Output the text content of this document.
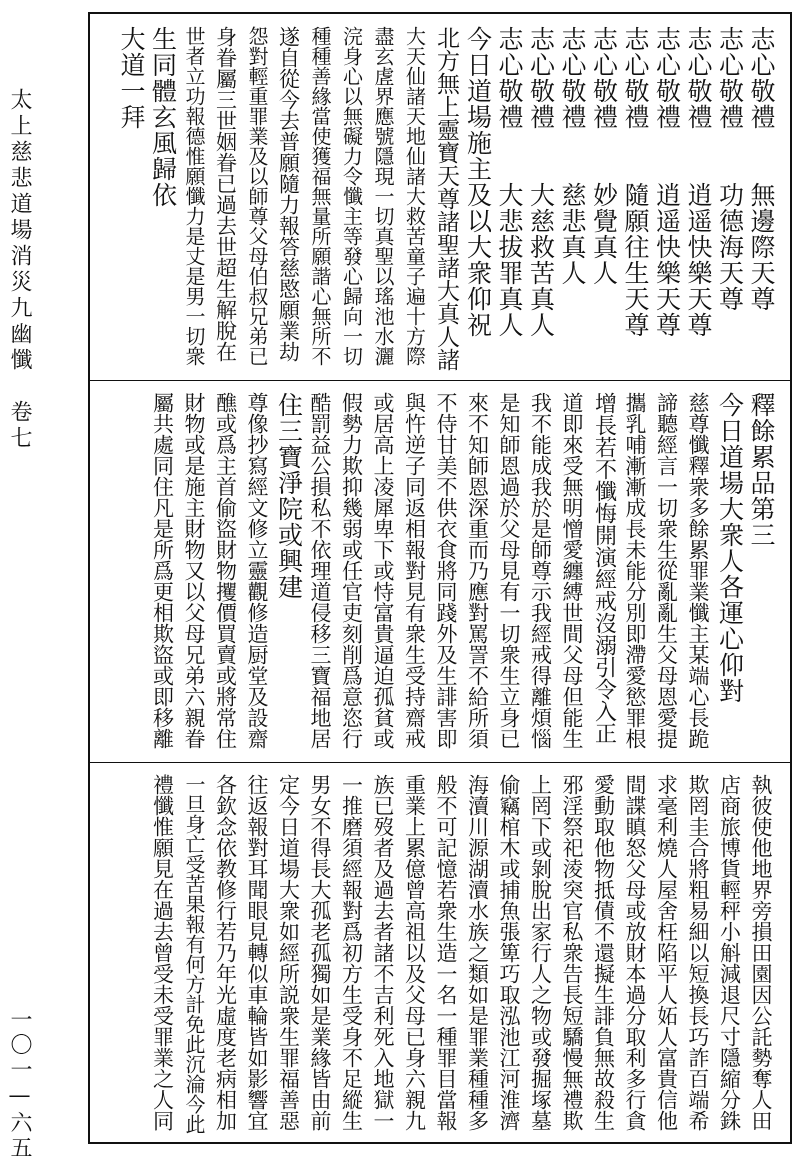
太上慈悲道場消災九幽懺　卷七
一〇一—六五
志心敬禮　　無邊際天尊
志心敬禮　　功德海天尊
志心敬禮　　逍遥快樂天尊
志心敬禮　　逍遥快樂天尊
志心敬禮　　隨願往生天尊
志心敬禮　　妙覺真人
志心敬禮　　慈悲真人
志心敬禮　　大慈救苦真人
志心敬禮　　大悲拔罪真人
今日道場施主及以大衆仰祝
北方無上靈寶天尊諸聖諸大真人諸
大天仙諸天地仙諸大救苦童子遍十方際
盡玄虗界應號隱現一切真聖以瑤池水灑
浣身心以無礙力令懺主等發心歸向一切
種種善緣當使獲福無量所願諧心無所不
遂自從今去普願隨力報答慈愍願業劫
怨對輕重罪業及以師尊父母伯叔兄弟已
身眷屬三世姻眷已過去世超生解脫在
世者立功報德惟願懺力是丈是男一切衆
生同體玄風歸依
大道一拜
釋餘累品第三
今日道場大衆人各運心仰對
慈尊懺釋衆多餘累罪業懺主某端心長跪
諦聽經言一切衆生從亂亂生父母恩愛提
攜乳哺漸漸成長未能分別即滯愛慾罪根
增長若不懺悔開演經戒沒溺引令入正
道即來受無明憎愛纏縛世間父母但能生
我不能成我於是師尊示我經戒得離煩惱
是知師恩過於父母見有一切衆生立身已
來不知師恩深重而乃應對罵詈不給所須
不侍甘美不供衣食將同踐外及生誹害即
與忤逆子同返相報對見有衆生受持齋戒
或居高上凌犀卑下或恃富貴逼迫孤貧或
假勢力欺抑幾弱或任官吏刻削爲意恣行
酷罰益公損私不依理道侵移三寶福地居
住三寶淨院或興建
尊像抄寫經文修立靈觀修造厨堂及設齋
醮或爲主首偷盜財物攫價買賣或將常住
財物或是施主財物又以父母兄弟六親眷
屬共處同住凡是所爲更相欺盜或即移離
執彼使他地界旁損田園因公託勢奪人田
店商旅博貨輕秤小斛減退尺寸隱縮分銖
欺罔圭合將粗易細以短換長巧詐百端希
求毫利燒人屋舍枉陷平人妬人富貴信他
間諜瞋怒父母或放財本過分取利多行貪
愛動取他物抵債不還擬生誹負無故殺生
邪淫祭祀淩突官私衆告長短驕慢無禮欺
上罔下或剝脫出家行人之物或發掘塚墓
偷竊棺木或捕魚張箄巧取泓池江河淮濟
海瀆川源湖瀆水族之類如是罪業種種多
般不可記憶若衆生造一名一種罪目當報
重業上累億曾高祖以及父母已身六親九
族已歿者及過去者諸不吉利死入地獄一
一推磨須經報對爲初方生受身不足縱生
男女不得長大孤老孤獨如是業緣皆由前
定今日道場大衆如經所説衆生罪福善惡
往返報對耳聞眼見轉似車輪皆如影響宜
各欽念依教修行若乃年光虛度老病相加
一旦身亡受苦果報有何方計免此沉淪今此
禮懺惟願見在過去曾受未受罪業之人同
